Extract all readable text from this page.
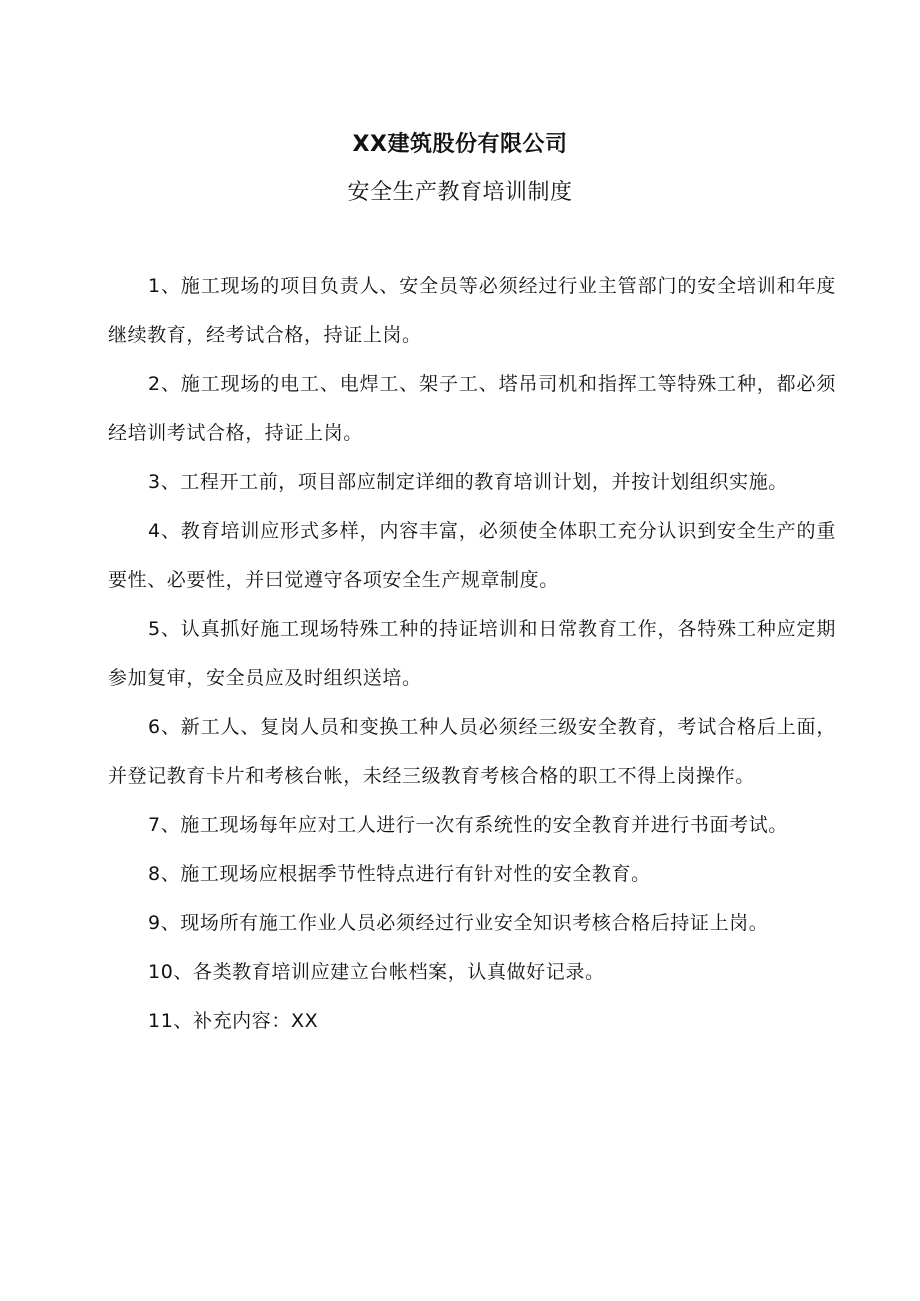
XX建筑股份有限公司
安全生产教育培训制度

1、施工现场的项目负责人、安全员等必须经过行业主管部门的安全培训和年度继续教育，经考试合格，持证上岗。

2、施工现场的电工、电焊工、架子工、塔吊司机和指挥工等特殊工种，都必须经培训考试合格，持证上岗。

3、工程开工前，项目部应制定详细的教育培训计划，并按计划组织实施。

4、教育培训应形式多样，内容丰富，必须使全体职工充分认识到安全生产的重要性、必要性，并曰觉遵守各项安全生产规章制度。

5、认真抓好施工现场特殊工种的持证培训和日常教育工作，各特殊工种应定期参加复审，安全员应及时组织送培。

6、新工人、复岗人员和变换工种人员必须经三级安全教育，考试合格后上面，并登记教育卡片和考核台帐，未经三级教育考核合格的职工不得上岗操作。

7、施工现场每年应对工人进行一次有系统性的安全教育并进行书面考试。

8、施工现场应根据季节性特点进行有针对性的安全教育。

9、现场所有施工作业人员必须经过行业安全知识考核合格后持证上岗。

10、各类教育培训应建立台帐档案，认真做好记录。

11、补充内容：XX
